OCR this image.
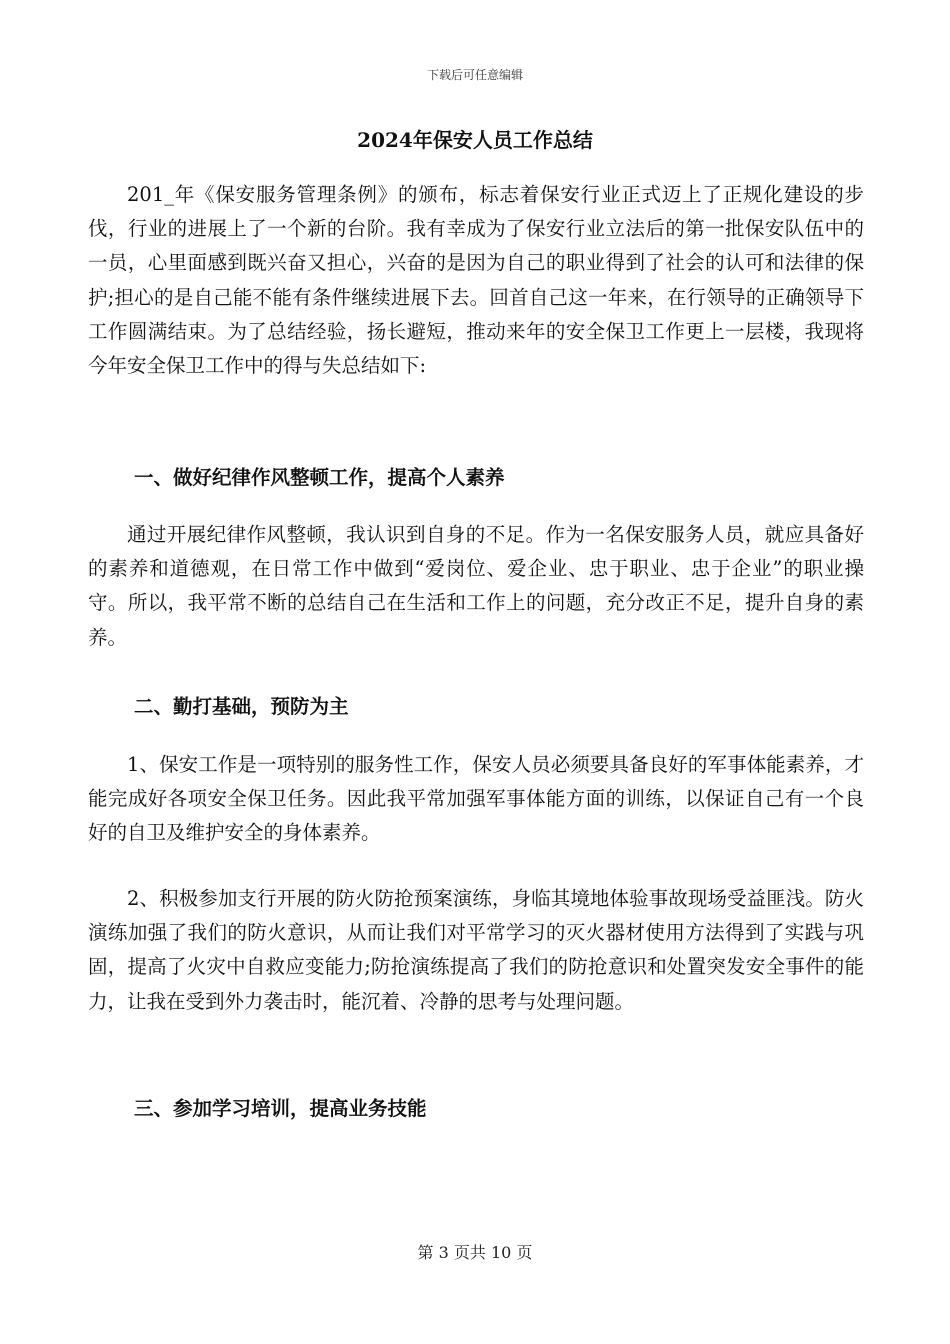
下载后可任意编辑
2024年保安人员工作总结

201_年《保安服务管理条例》的颁布，标志着保安行业正式迈上了正规化建设的步伐，行业的进展上了一个新的台阶。我有幸成为了保安行业立法后的第一批保安队伍中的一员，心里面感到既兴奋又担心，兴奋的是因为自己的职业得到了社会的认可和法律的保护;担心的是自己能不能有条件继续进展下去。回首自己这一年来，在行领导的正确领导下工作圆满结束。为了总结经验，扬长避短，推动来年的安全保卫工作更上一层楼，我现将今年安全保卫工作中的得与失总结如下:

一、做好纪律作风整顿工作，提高个人素养

通过开展纪律作风整顿，我认识到自身的不足。作为一名保安服务人员，就应具备好的素养和道德观，在日常工作中做到“爱岗位、爱企业、忠于职业、忠于企业”的职业操守。所以，我平常不断的总结自己在生活和工作上的问题，充分改正不足，提升自身的素养。

二、勤打基础，预防为主

1、保安工作是一项特别的服务性工作，保安人员必须要具备良好的军事体能素养，才能完成好各项安全保卫任务。因此我平常加强军事体能方面的训练，以保证自己有一个良好的自卫及维护安全的身体素养。

2、积极参加支行开展的防火防抢预案演练，身临其境地体验事故现场受益匪浅。防火演练加强了我们的防火意识，从而让我们对平常学习的灭火器材使用方法得到了实践与巩固，提高了火灾中自救应变能力;防抢演练提高了我们的防抢意识和处置突发安全事件的能力，让我在受到外力袭击时，能沉着、冷静的思考与处理问题。

三、参加学习培训，提高业务技能
第 3 页共 10 页
